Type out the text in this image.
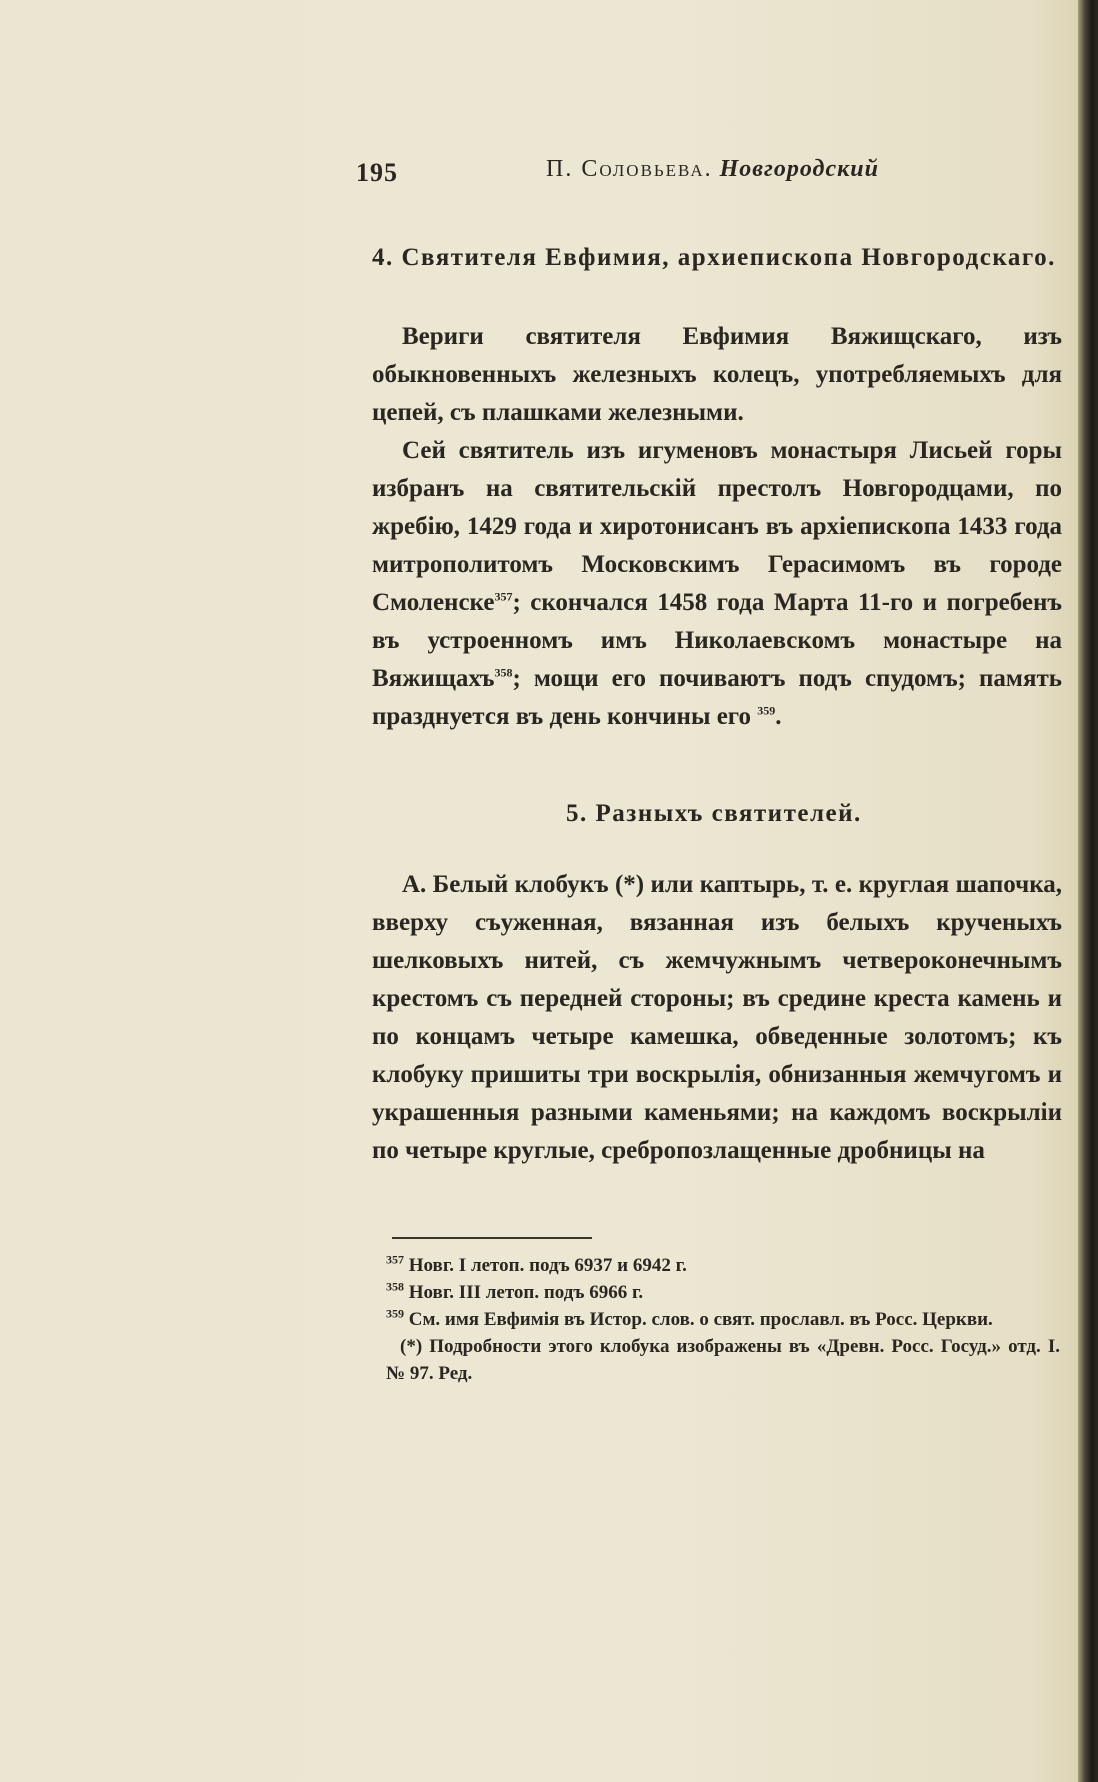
195	П. Соловьева. Новгородский
4. Святителя Евфимия, архиепископа Новгородскаго.

Вериги святителя Евфимия Вяжищскаго, изъ обыкновенныхъ железныхъ колецъ, употребляемыхъ для цепей, съ плашками железными.

Сей святитель изъ игуменовъ монастыря Лисьей горы избранъ на святительскій престолъ Новгородцами, по жребію, 1429 года и хиротонисанъ въ архіепископа 1433 года митрополитомъ Московскимъ Герасимомъ въ городе Смоленске$^{357}$; скончался 1458 года Марта 11-го и погребенъ въ устроенномъ имъ Николаевскомъ монастыре на Вяжищахъ$^{358}$; мощи его почиваютъ подъ спудомъ; память празднуется въ день кончины его $^{359}$.

5. Разныхъ святителей.

А. Белый клобукъ (*) или каптырь, т. е. круглая шапочка, вверху съуженная, вязанная изъ белыхъ крученыхъ шелковыхъ нитей, съ жемчужнымъ четвероконечнымъ крестомъ съ передней стороны; въ средине креста камень и по концамъ четыре камешка, обведенные золотомъ; къ клобуку пришиты три воскрылія, обнизанныя жемчугомъ и украшенныя разными каменьями; на каждомъ воскрыліи по четыре круглые, сребропозлащенные дробницы на

$^{357}$ Новг. I летоп. подъ 6937 и 6942 г.
$^{358}$ Новг. III летоп. подъ 6966 г.
$^{359}$ См. имя Евфимія въ Истор. слов. о свят. прославл. въ Росс. Церкви.
(*) Подробности этого клобука изображены въ «Древн. Росс. Госуд.» отд. I. № 97. Ред.
